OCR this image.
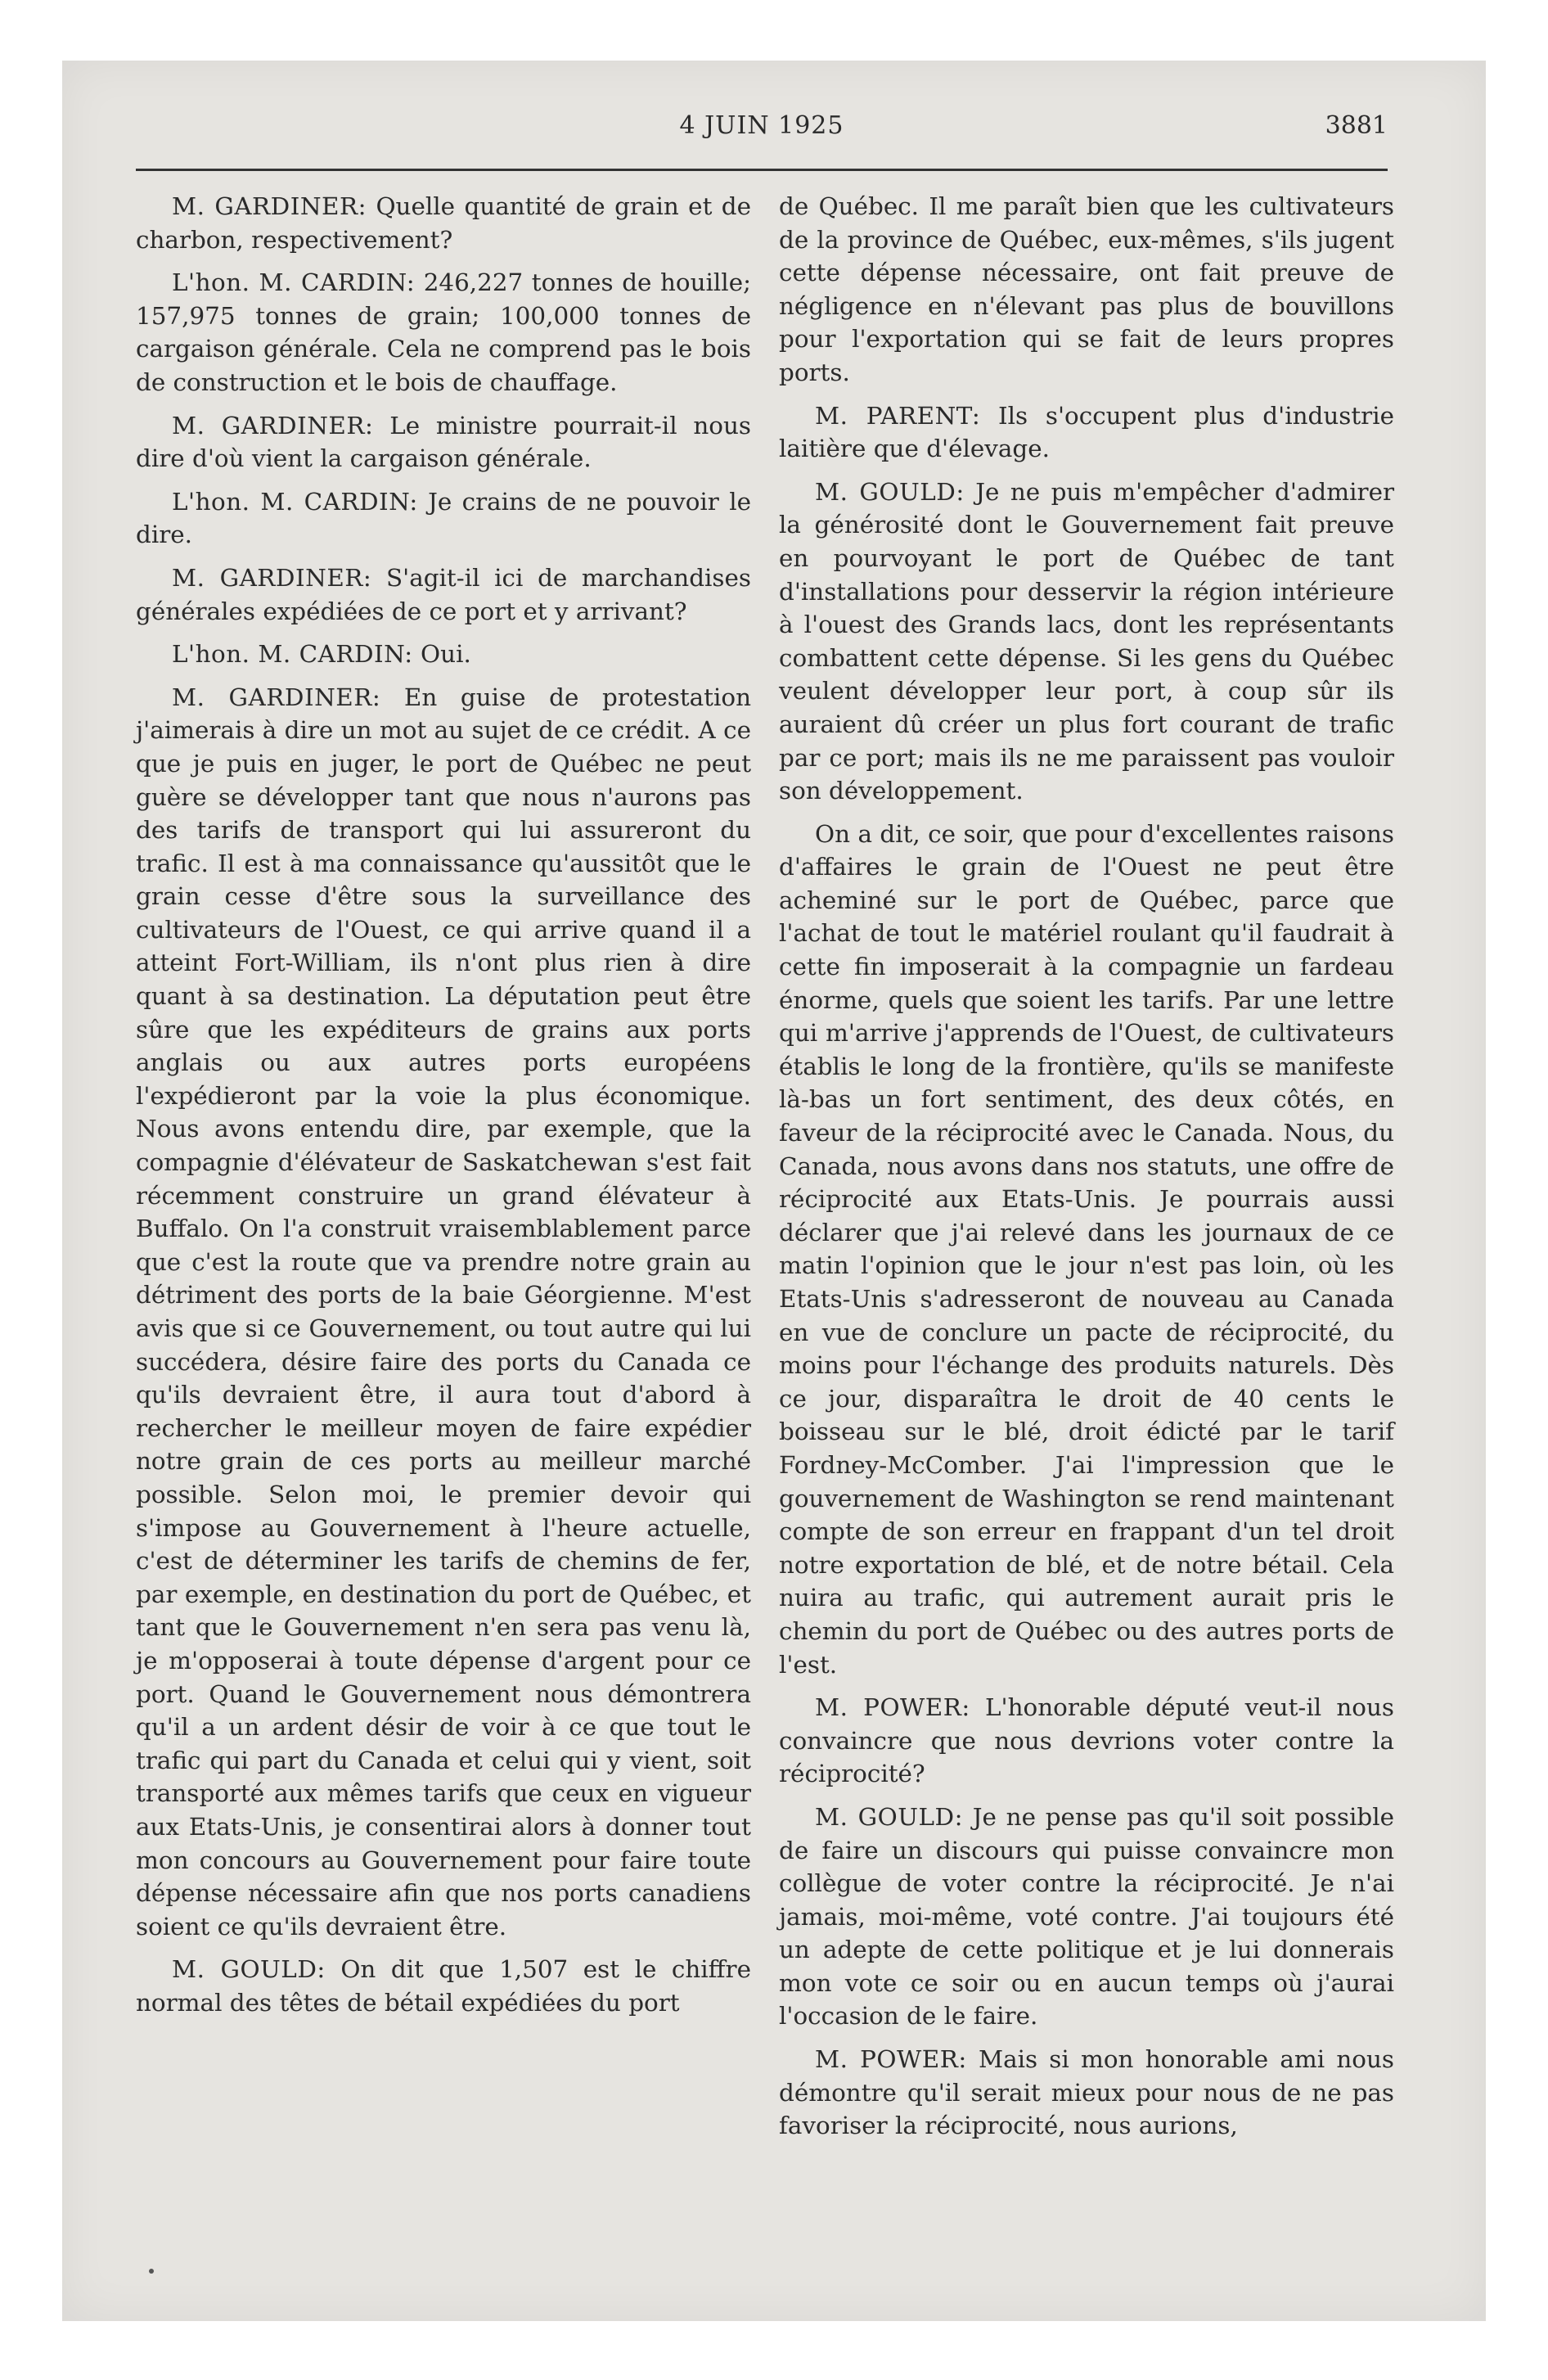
4 JUIN 1925	3881

M. GARDINER: Quelle quantité de grain et de charbon, respectivement?

L'hon. M. CARDIN: 246,227 tonnes de houille; 157,975 tonnes de grain; 100,000 tonnes de cargaison générale. Cela ne comprend pas le bois de construction et le bois de chauffage.

M. GARDINER: Le ministre pourrait-il nous dire d'où vient la cargaison générale.

L'hon. M. CARDIN: Je crains de ne pouvoir le dire.

M. GARDINER: S'agit-il ici de marchandises générales expédiées de ce port et y arrivant?

L'hon. M. CARDIN: Oui.

M. GARDINER: En guise de protestation j'aimerais à dire un mot au sujet de ce crédit. A ce que je puis en juger, le port de Québec ne peut guère se développer tant que nous n'aurons pas des tarifs de transport qui lui assureront du trafic. Il est à ma connaissance qu'aussitôt que le grain cesse d'être sous la surveillance des cultivateurs de l'Ouest, ce qui arrive quand il a atteint Fort-William, ils n'ont plus rien à dire quant à sa destination. La députation peut être sûre que les expéditeurs de grains aux ports anglais ou aux autres ports européens l'expédieront par la voie la plus économique. Nous avons entendu dire, par exemple, que la compagnie d'élévateur de Saskatchewan s'est fait récemment construire un grand élévateur à Buffalo. On l'a construit vraisemblablement parce que c'est la route que va prendre notre grain au détriment des ports de la baie Géorgienne. M'est avis que si ce Gouvernement, ou tout autre qui lui succédera, désire faire des ports du Canada ce qu'ils devraient être, il aura tout d'abord à rechercher le meilleur moyen de faire expédier notre grain de ces ports au meilleur marché possible. Selon moi, le premier devoir qui s'impose au Gouvernement à l'heure actuelle, c'est de déterminer les tarifs de chemins de fer, par exemple, en destination du port de Québec, et tant que le Gouvernement n'en sera pas venu là, je m'opposerai à toute dépense d'argent pour ce port. Quand le Gouvernement nous démontrera qu'il a un ardent désir de voir à ce que tout le trafic qui part du Canada et celui qui y vient, soit transporté aux mêmes tarifs que ceux en vigueur aux Etats-Unis, je consentirai alors à donner tout mon concours au Gouvernement pour faire toute dépense nécessaire afin que nos ports canadiens soient ce qu'ils devraient être.

M. GOULD: On dit que 1,507 est le chiffre normal des têtes de bétail expédiées du port

de Québec. Il me paraît bien que les cultivateurs de la province de Québec, eux-mêmes, s'ils jugent cette dépense nécessaire, ont fait preuve de négligence en n'élevant pas plus de bouvillons pour l'exportation qui se fait de leurs propres ports.

M. PARENT: Ils s'occupent plus d'industrie laitière que d'élevage.

M. GOULD: Je ne puis m'empêcher d'admirer la générosité dont le Gouvernement fait preuve en pourvoyant le port de Québec de tant d'installations pour desservir la région intérieure à l'ouest des Grands lacs, dont les représentants combattent cette dépense. Si les gens du Québec veulent développer leur port, à coup sûr ils auraient dû créer un plus fort courant de trafic par ce port; mais ils ne me paraissent pas vouloir son développement.

On a dit, ce soir, que pour d'excellentes raisons d'affaires le grain de l'Ouest ne peut être acheminé sur le port de Québec, parce que l'achat de tout le matériel roulant qu'il faudrait à cette fin imposerait à la compagnie un fardeau énorme, quels que soient les tarifs. Par une lettre qui m'arrive j'apprends de l'Ouest, de cultivateurs établis le long de la frontière, qu'ils se manifeste là-bas un fort sentiment, des deux côtés, en faveur de la réciprocité avec le Canada. Nous, du Canada, nous avons dans nos statuts, une offre de réciprocité aux Etats-Unis. Je pourrais aussi déclarer que j'ai relevé dans les journaux de ce matin l'opinion que le jour n'est pas loin, où les Etats-Unis s'adresseront de nouveau au Canada en vue de conclure un pacte de réciprocité, du moins pour l'échange des produits naturels. Dès ce jour, disparaîtra le droit de 40 cents le boisseau sur le blé, droit édicté par le tarif Fordney-McComber. J'ai l'impression que le gouvernement de Washington se rend maintenant compte de son erreur en frappant d'un tel droit notre exportation de blé, et de notre bétail. Cela nuira au trafic, qui autrement aurait pris le chemin du port de Québec ou des autres ports de l'est.

M. POWER: L'honorable député veut-il nous convaincre que nous devrions voter contre la réciprocité?

M. GOULD: Je ne pense pas qu'il soit possible de faire un discours qui puisse convaincre mon collègue de voter contre la réciprocité. Je n'ai jamais, moi-même, voté contre. J'ai toujours été un adepte de cette politique et je lui donnerais mon vote ce soir ou en aucun temps où j'aurai l'occasion de le faire.

M. POWER: Mais si mon honorable ami nous démontre qu'il serait mieux pour nous de ne pas favoriser la réciprocité, nous aurions,
